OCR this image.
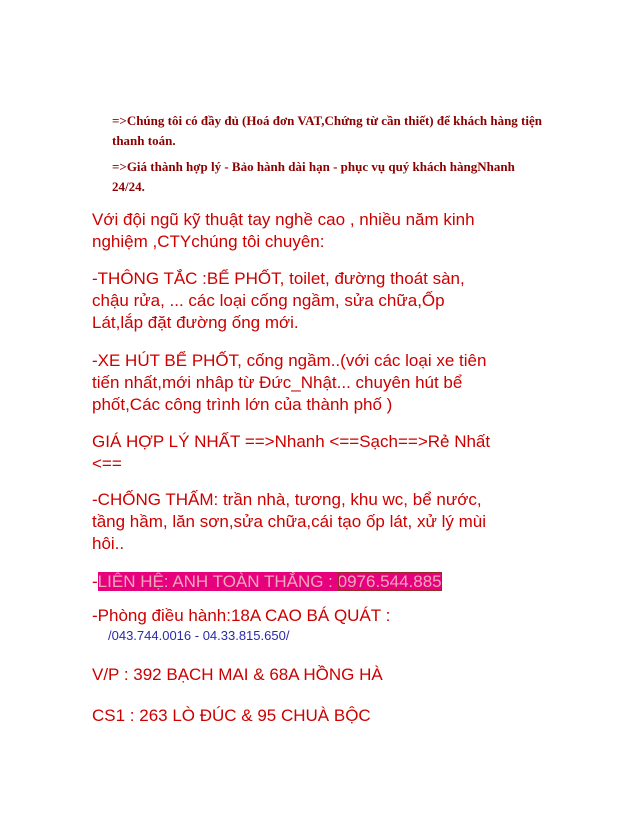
=>Chúng tôi có đầy đủ (Hoá đơn VAT,Chứng từ cần thiết) để khách hàng tiện thanh toán.
=>Giá thành hợp lý - Bảo hành dài hạn - phục vụ quý khách hàngNhanh 24/24.
Với đội ngũ kỹ thuật tay nghề cao , nhiều năm kinh
nghiệm ,CTYchúng tôi chuyên:
-THÔNG TẮC :BỂ PHỐT, toilet, đường thoát sàn,
chậu rửa, ... các loại cống ngầm, sửa chữa,Ốp
Lát,lắp đặt đường ống mới.
-XE HÚT BỂ PHỐT, cống ngầm..(với các loại xe tiên
tiến nhất,mới nhâp từ Đức_Nhật... chuyên hút bể
phốt,Các công trình lớn của thành phố )
GIÁ HỢP LÝ NHẤT ==>Nhanh <==Sạch==>Rẻ Nhất
<==
-CHỐNG THẤM: trần nhà, tương, khu wc, bể nước,
tầng hầm, lăn sơn,sửa chữa,cái tạo ốp lát, xử lý mùi
hôi..
-LIÊN HỆ: ANH TOÀN THẮNG : 0976.544.885
-Phòng điều hành:18A CAO BÁ QUÁT :
/043.744.0016 - 04.33.815.650/
V/P : 392 BẠCH MAI & 68A HỒNG HÀ
CS1 : 263 LÒ ĐÚC & 95 CHUÀ BỘC
